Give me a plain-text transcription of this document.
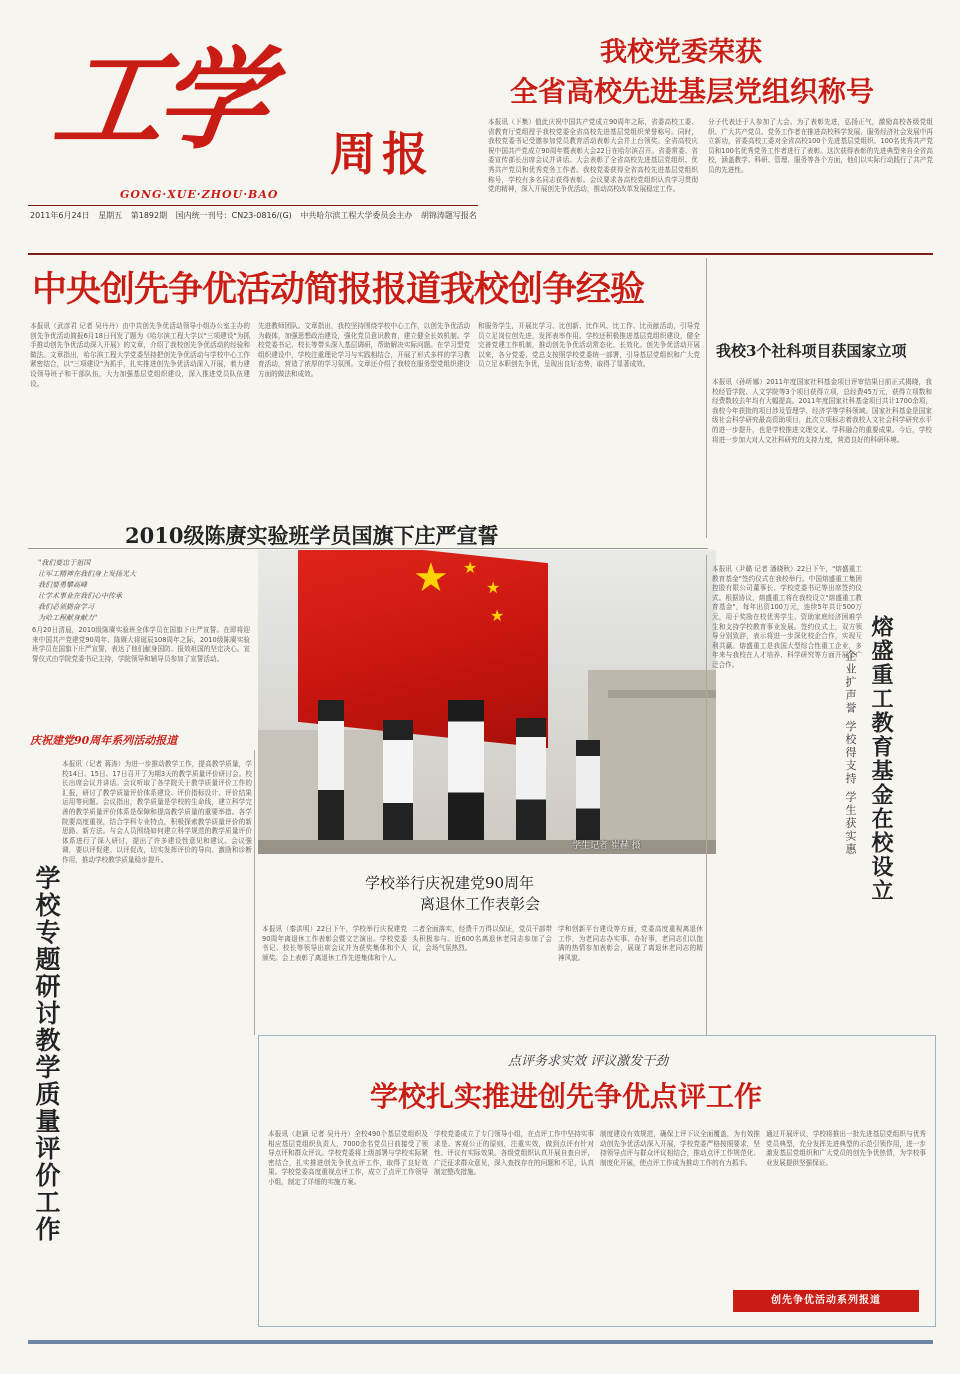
工学	周报
GONG·XUE·ZHOU·BAO
2011年6月24日 星期五 第1892期 国内统一刊号：CN23-0816/(G) 中共哈尔滨工程大学委员会主办 胡锦涛题写报名
我校党委荣获
全省高校先进基层党组织称号
本报讯（下集）值此庆祝中国共产党成立90周年之际，省委高校工委、省教育厅党组授予我校党委全省高校先进基层党组织荣誉称号。同时，我校党委书记受邀参加党员教育活动表彰大会并上台领奖。全省高校庆祝中国共产党成立90周年暨表彰大会22日在哈尔滨召开。省委常委、省委宣传部长出席会议并讲话。大会表彰了全省高校先进基层党组织、优秀共产党员和优秀党务工作者。我校党委获得全省高校先进基层党组织称号，学校有多名同志获得表彰。会议要求各高校党组织认真学习贯彻党的精神，深入开展创先争优活动，推动高校改革发展稳定工作。
分子代表还于人参加了大会。为了表彰先进，弘扬正气，激励高校各级党组织、广大共产党员、党务工作者在推进高校科学发展、服务经济社会发展中再立新功，省委高校工委对全省高校100个先进基层党组织、100名优秀共产党员和100名优秀党务工作者进行了表彰。这次获得表彰的先进典型来自全省高校，涵盖教学、科研、管理、服务等各个方面，他们以实际行动践行了共产党员的先进性。
中央创先争优活动简报报道我校创争经验
本报讯（武彦君 记者 吴丹丹）由中共创先争优活动领导小组办公室主办的创先争优活动简报6月18日刊发了题为《哈尔滨工程大学以"三项建设"为抓手推动创先争优活动深入开展》的文章，介绍了我校创先争优活动的经验和做法。文章指出，哈尔滨工程大学党委坚持把创先争优活动与学校中心工作紧密结合，以"三项建设"为抓手，扎实推进创先争优活动深入开展，着力建设领导班子和干部队伍，大力加强基层党组织建设，深入推进党员队伍建设。
先进教师团队。文章指出，我校坚持围绕学校中心工作，以创先争优活动为载体，加强思想政治建设，强化党员意识教育，建立健全长效机制。学校党委书记、校长等带头深入基层调研，帮助解决实际问题。在学习型党组织建设中，学校注重理论学习与实践相结合，开展了形式多样的学习教育活动，营造了浓厚的学习氛围。文章还介绍了我校在服务型党组织建设方面的做法和成效。
和服务学生，开展比学习、比创新、比作风、比工作、比贡献活动，引导党员立足岗位创先进，发挥表率作用。学校还积极推进基层党组织建设，健全完善党建工作机制，推动创先争优活动常态化、长效化。创先争优活动开展以来，各分党委、党总支按照学校党委统一部署，引导基层党组织和广大党员立足本职创先争优，呈现出良好态势，取得了显著成效。
我校3个社科项目获国家立项
本报讯（孙昕娜）2011年度国家社科基金项目评审结果日前正式揭晓，我校经管学院、人文学院等3个项目获得立项，总经费45万元，获得立项数和经费数较去年均有大幅提高。2011年度国家社科基金项目共计1700余项，我校今年获批的项目涉及管理学、经济学等学科领域。国家社科基金是国家级社会科学研究最高资助项目，此次立项标志着我校人文社会科学研究水平的进一步提升，也是学校推进文理交叉、学科融合的重要成果。今后，学校将进一步加大对人文社科研究的支持力度，营造良好的科研环境。
2010级陈赓实验班学员国旗下庄严宣誓
"我们要忠于祖国
让军工精神在我们身上发扬光大
我们要勇攀高峰
让学术事业在我们心中传承
我们必须勤奋学习
为哈工程献身献力"
6月20日清晨，2010级陈赓实验班全体学员在国旗下庄严宣誓。在即将迎来中国共产党建党90周年、陈赓大将诞辰108周年之际，2010级陈赓实验班学员在国旗下庄严宣誓，表达了他们献身国防、报效祖国的坚定决心。宣誓仪式由学院党委书记主持，学院领导和辅导员参加了宣誓活动。
庆祝建党90周年系列活动报道
★ ★
★
★
学生记者 崔赫 摄
本报讯（尹璐 记者 潘晓秋）22日下午，"熔盛重工教育基金"签约仪式在我校举行。中国熔盛重工集团控股有限公司董事长、学校党委书记等出席签约仪式。根据协议，熔盛重工将在我校设立"熔盛重工教育基金"，每年出资100万元，连续5年共计500万元，用于奖励在校优秀学生、资助家庭经济困难学生和支持学校教育事业发展。签约仪式上，双方领导分别致辞，表示将进一步深化校企合作，实现互利共赢。熔盛重工是我国大型综合性重工企业，多年来与我校在人才培养、科学研究等方面开展了广泛合作。	熔盛重工教育基金在校设立
企业扩声誉 学校得支持 学生获实惠
学校专题研讨教学质量评价工作
本报讯（记者 蒋涛）为进一步推动教学工作，提高教学质量，学校14日、15日、17日召开了为期3天的教学质量评价研讨会。校长出席会议并讲话。会议听取了各学院关于教学质量评价工作的汇报，研讨了教学质量评价体系建设、评价指标设计、评价结果运用等问题。会议指出，教学质量是学校的生命线，建立科学完善的教学质量评价体系是保障和提高教学质量的重要举措。各学院要高度重视，结合学科专业特点，积极探索教学质量评价的新思路、新方法。与会人员围绕如何建立科学规范的教学质量评价体系进行了深入研讨，提出了许多建设性意见和建议。会议强调，要以评促建、以评促改，切实发挥评价的导向、激励和诊断作用，推动学校教学质量稳步提升。
学校举行庆祝建党90周年
离退休工作表彰会
本报讯（秦洪明）22日下午，学校举行庆祝建党90周年离退休工作表彰会暨文艺演出。学校党委书记、校长等领导出席会议并为获奖集体和个人颁奖。会上表彰了离退休工作先进集体和个人。
二者全面落实，经费千万得以保证，党员干部带头积极参与。近600名离退休老同志参加了会议，会场气氛热烈。
学和创新平台建设等方面，党委高度重视离退休工作，为老同志办实事、办好事，老同志们以饱满的热情参加表彰会，展现了离退休老同志的精神风貌。
点评务求实效 评议激发干劲
学校扎实推进创先争优点评工作
本报讯（赵颖 记者 吴丹丹）全校490个基层党组织及相应基层党组织负责人，7000余名党员日前接受了领导点评和群众评议。学校党委将上级部署与学校实际紧密结合，扎实推进创先争优点评工作，取得了良好效果。学校党委高度重视点评工作，成立了点评工作领导小组，制定了详细的实施方案。
学校党委成立了专门领导小组，在点评工作中坚持实事求是、客观公正的原则，注重实效，做到点评有针对性、评议有实际效果。各级党组织认真开展自查自评，广泛征求群众意见，深入查找存在的问题和不足，认真制定整改措施。
制度建设有效规范，确保上评下议全面覆盖，为有效推动创先争优活动深入开展，学校党委严格按照要求，坚持领导点评与群众评议相结合，推动点评工作规范化、制度化开展，使点评工作成为推动工作的有力抓手。
通过开展评议，学校将推出一批先进基层党组织与优秀党员典型，充分发挥先进典型的示范引领作用，进一步激发基层党组织和广大党员的创先争优热情，为学校事业发展提供坚强保证。
创先争优活动系列报道
